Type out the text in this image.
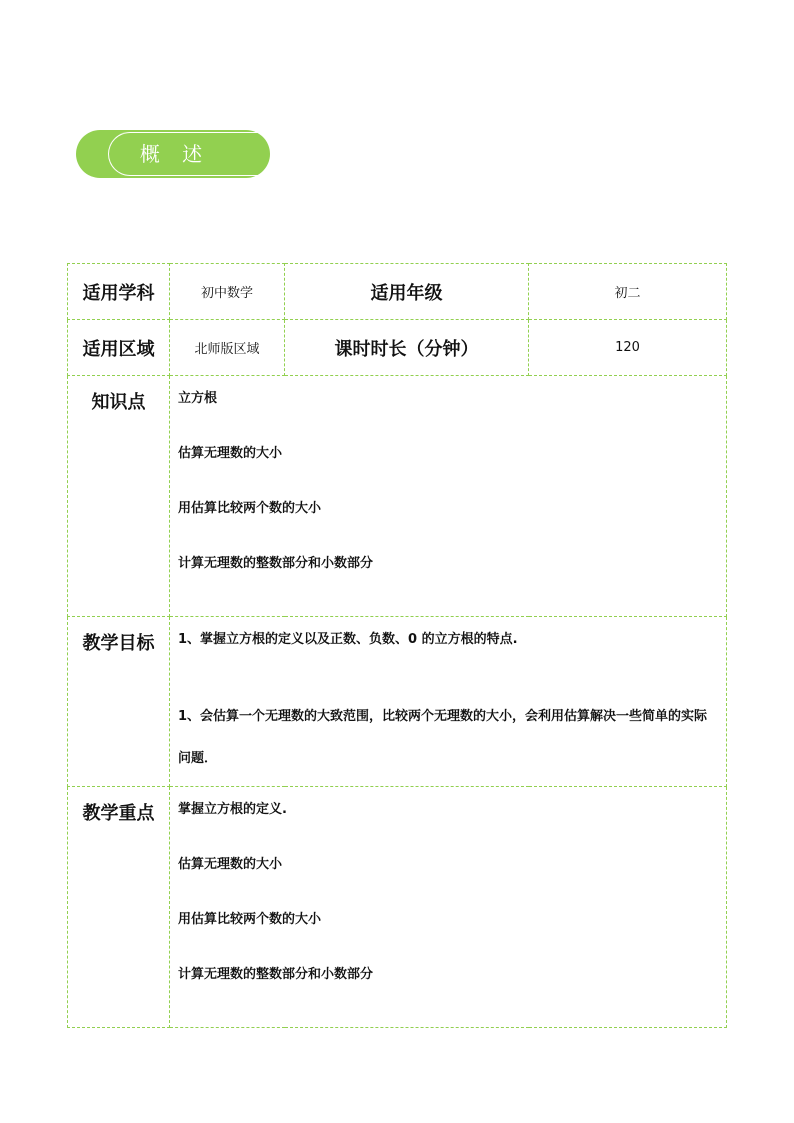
概 述
适用学科	初中数学	适用年级	初二
适用区域	北师版区域	课时时长（分钟）	120
知识点	立方根
估算无理数的大小
用估算比较两个数的大小
计算无理数的整数部分和小数部分		

教学目标	1、掌握立方根的定义以及正数、负数、0 的立方根的特点.
1、会估算一个无理数的大致范围，比较两个无理数的大小，会利用估算解决一些简单的实际问题．		

教学重点	掌握立方根的定义.
估算无理数的大小
用估算比较两个数的大小
计算无理数的整数部分和小数部分		
